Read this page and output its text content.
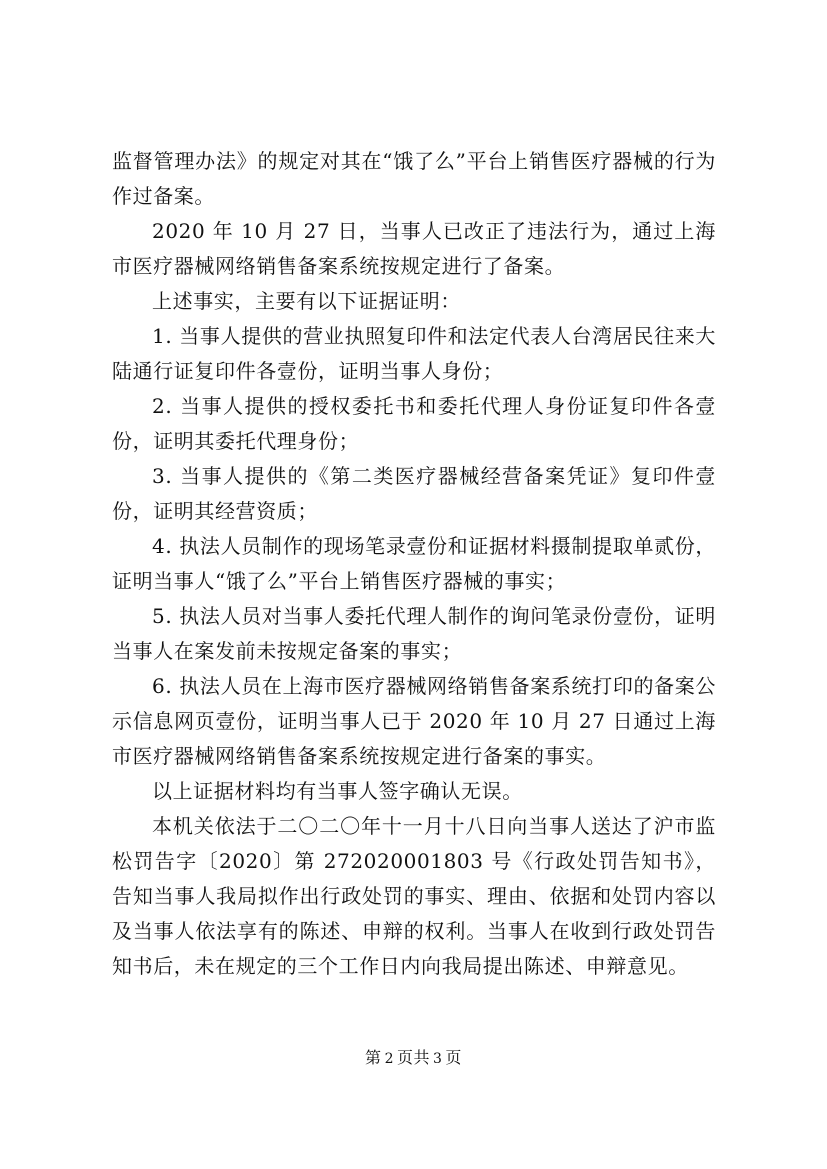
监督管理办法》的规定对其在“饿了么”平台上销售医疗器械的行为作过备案。

2020 年 10 月 27 日，当事人已改正了违法行为，通过上海市医疗器械网络销售备案系统按规定进行了备案。

上述事实，主要有以下证据证明：

1. 当事人提供的营业执照复印件和法定代表人台湾居民往来大陆通行证复印件各壹份，证明当事人身份；

2. 当事人提供的授权委托书和委托代理人身份证复印件各壹份，证明其委托代理身份；

3. 当事人提供的《第二类医疗器械经营备案凭证》复印件壹份，证明其经营资质；

4. 执法人员制作的现场笔录壹份和证据材料摄制提取单贰份，证明当事人“饿了么”平台上销售医疗器械的事实；

5. 执法人员对当事人委托代理人制作的询问笔录份壹份，证明当事人在案发前未按规定备案的事实；

6. 执法人员在上海市医疗器械网络销售备案系统打印的备案公示信息网页壹份，证明当事人已于 2020 年 10 月 27 日通过上海市医疗器械网络销售备案系统按规定进行备案的事实。

以上证据材料均有当事人签字确认无误。

本机关依法于二〇二〇年十一月十八日向当事人送达了沪市监松罚告字〔2020〕第 272020001803 号《行政处罚告知书》，告知当事人我局拟作出行政处罚的事实、理由、依据和处罚内容以及当事人依法享有的陈述、申辩的权利。当事人在收到行政处罚告知书后，未在规定的三个工作日内向我局提出陈述、申辩意见。

第 2 页共 3 页
